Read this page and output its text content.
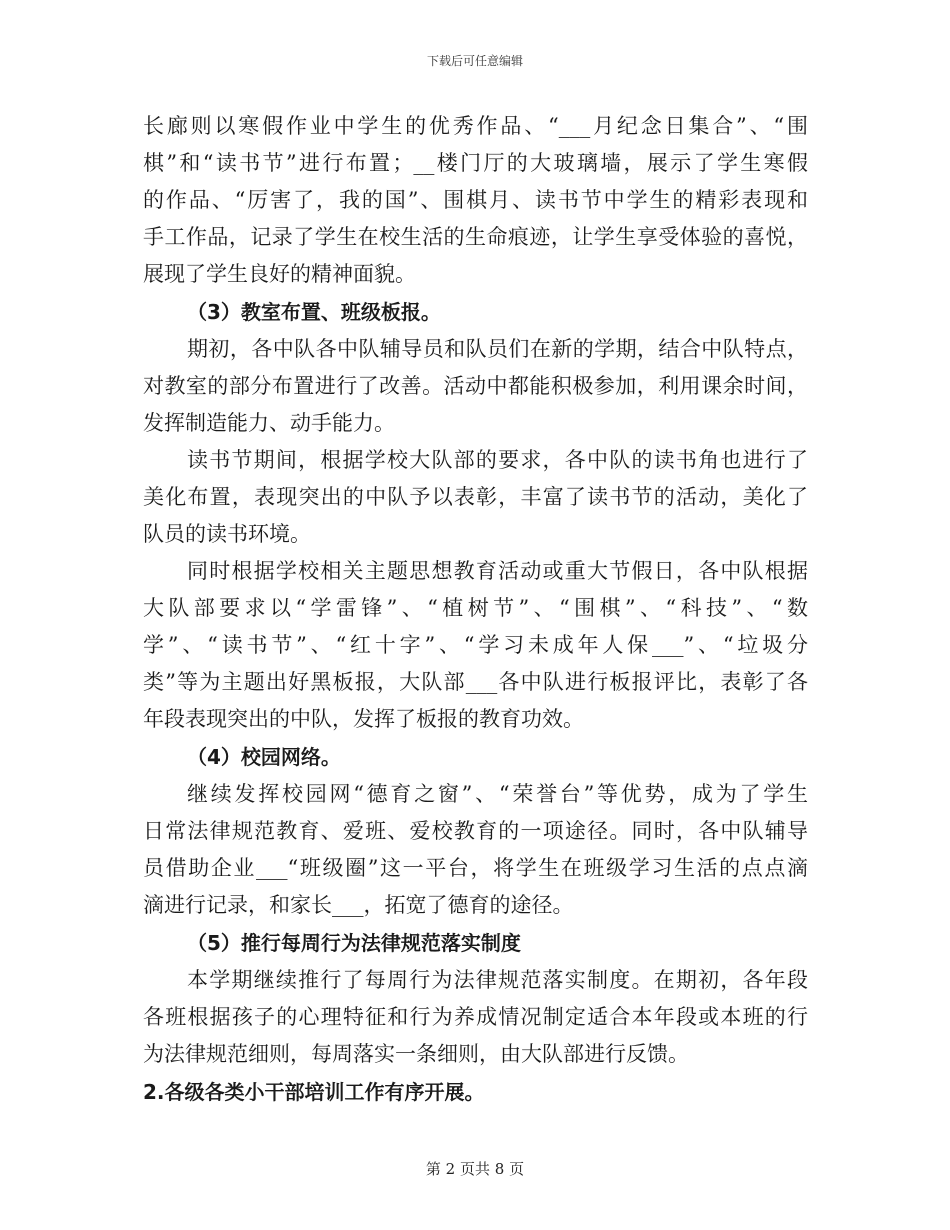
下载后可任意编辑
长廊则以寒假作业中学生的优秀作品、“___月纪念日集合”、“围
棋”和“读书节”进行布置；__楼门厅的大玻璃墙，展示了学生寒假
的作品、“厉害了，我的国”、围棋月、读书节中学生的精彩表现和
手工作品，记录了学生在校生活的生命痕迹，让学生享受体验的喜悦，
展现了学生良好的精神面貌。
（3）教室布置、班级板报。
期初，各中队各中队辅导员和队员们在新的学期，结合中队特点，
对教室的部分布置进行了改善。活动中都能积极参加，利用课余时间，
发挥制造能力、动手能力。
读书节期间，根据学校大队部的要求，各中队的读书角也进行了
美化布置，表现突出的中队予以表彰，丰富了读书节的活动，美化了
队员的读书环境。
同时根据学校相关主题思想教育活动或重大节假日，各中队根据
大队部要求以“学雷锋”、“植树节”、“围棋”、“科技”、“数
学”、“读书节”、“红十字”、“学习未成年人保___”、“垃圾分
类”等为主题出好黑板报，大队部___各中队进行板报评比，表彰了各
年段表现突出的中队，发挥了板报的教育功效。
（4）校园网络。
继续发挥校园网“德育之窗”、“荣誉台”等优势，成为了学生
日常法律规范教育、爱班、爱校教育的一项途径。同时，各中队辅导
员借助企业___“班级圈”这一平台，将学生在班级学习生活的点点滴
滴进行记录，和家长___，拓宽了德育的途径。
（5）推行每周行为法律规范落实制度
本学期继续推行了每周行为法律规范落实制度。在期初，各年段
各班根据孩子的心理特征和行为养成情况制定适合本年段或本班的行
为法律规范细则，每周落实一条细则，由大队部进行反馈。
2.各级各类小干部培训工作有序开展。
第 2 页共 8 页
